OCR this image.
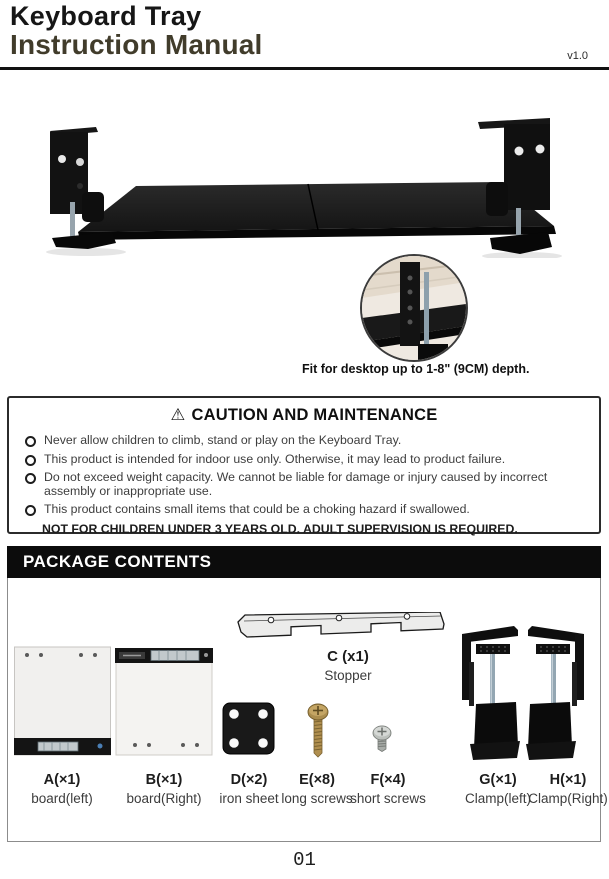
Keyboard Tray
Instruction Manual	v1.0
Fit for desktop up to 1-8" (9CM) depth.
⚠ CAUTION AND MAINTENANCE
Never allow children to climb, stand or play on the Keyboard Tray.
This product is intended for indoor use only. Otherwise, it may lead to product failure.
Do not exceed weight capacity. We cannot be liable for damage or injury caused by incorrect assembly or inappropriate use.
This product contains small items that could be a choking hazard if swallowed.
NOT FOR CHILDREN UNDER 3 YEARS OLD. ADULT SUPERVISION IS REQUIRED.
PACKAGE CONTENTS
C (x1)
Stopper
A(×1)
board(left)
B(×1)
board(Right)
D(×2)
iron sheet
E(×8)
long screws
F(×4)
short screws
G(×1)
Clamp(left)
H(×1)
Clamp(Right)
01
